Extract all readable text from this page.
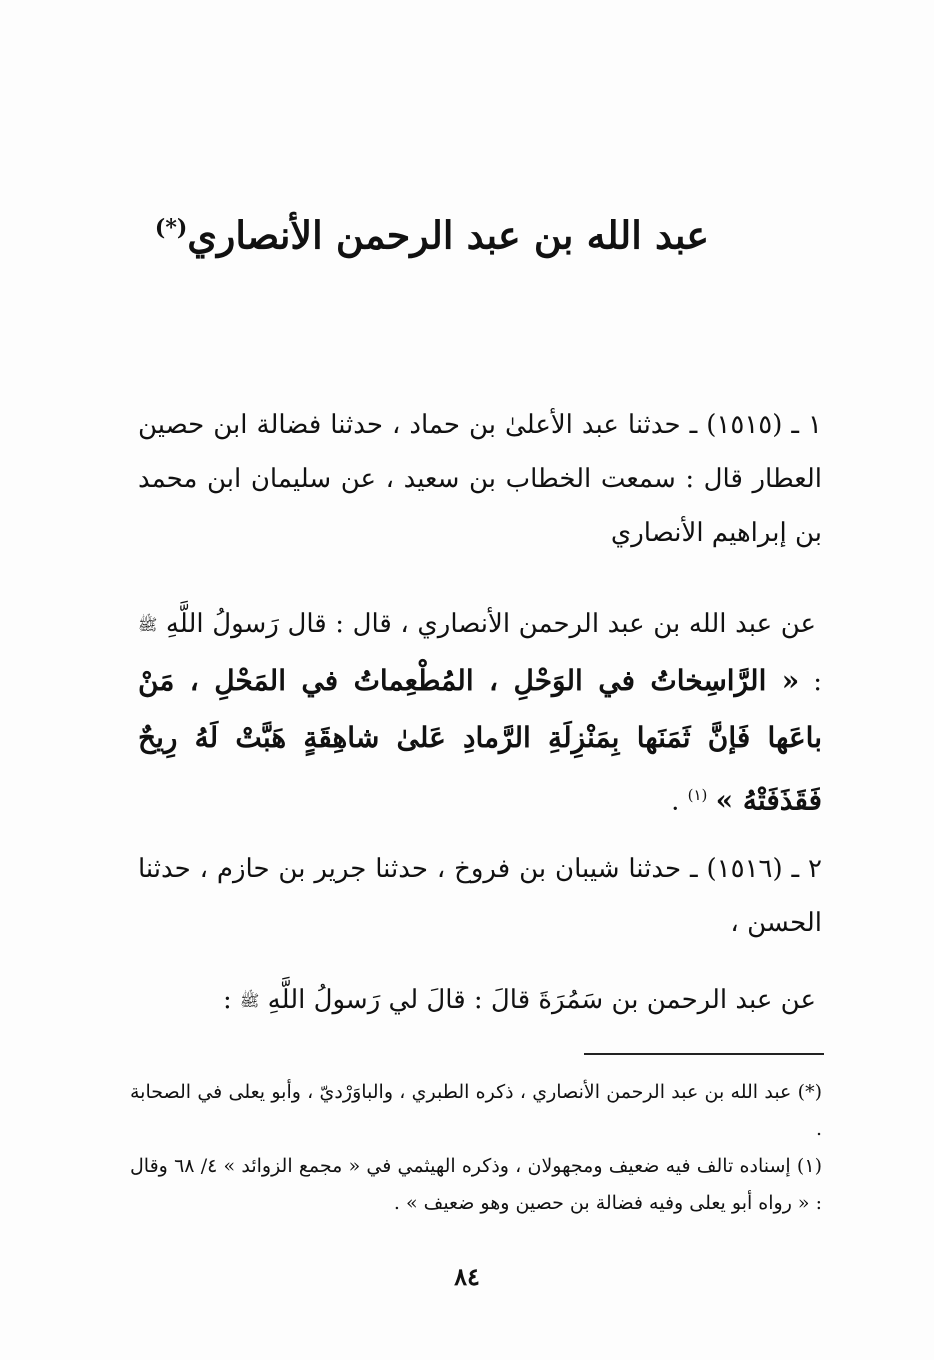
عبد الله بن عبد الرحمن الأنصاري(*)
١ ـ (١٥١٥) ـ حدثنا عبد الأعلىٰ بن حماد ، حدثنا فضالة ابن حصين العطار قال : سمعت الخطاب بن سعيد ، عن سليمان ابن محمد بن إبراهيم الأنصاري
عن عبد الله بن عبد الرحمن الأنصاري ، قال : قال رَسولُ اللَّهِ ﷺ : « الرَّاسِخاتُ في الوَحْلِ ، المُطْعِماتُ في المَحْلِ ، مَنْ باعَها فَإنَّ ثَمَنَها بِمَنْزِلَةِ الرَّمادِ عَلىٰ شاهِقَةٍ هَبَّتْ لَهُ رِيحٌ فَقَذَفَتْهُ » $^{(١)}$ .
٢ ـ (١٥١٦) ـ حدثنا شيبان بن فروخ ، حدثنا جرير بن حازم ، حدثنا الحسن ،
عن عبد الرحمن بن سَمُرَةَ قالَ : قالَ لي رَسولُ اللَّهِ ﷺ :

(*) عبد الله بن عبد الرحمن الأنصاري ، ذكره الطبري ، والباوَرْديّ ، وأبو يعلى في الصحابة .

(١) إسناده تالف فيه ضعيف ومجهولان ، وذكره الهيثمي في « مجمع الزوائد » ٤/ ٦٨ وقال : « رواه أبو يعلى وفيه فضالة بن حصين وهو ضعيف » .

٨٤
